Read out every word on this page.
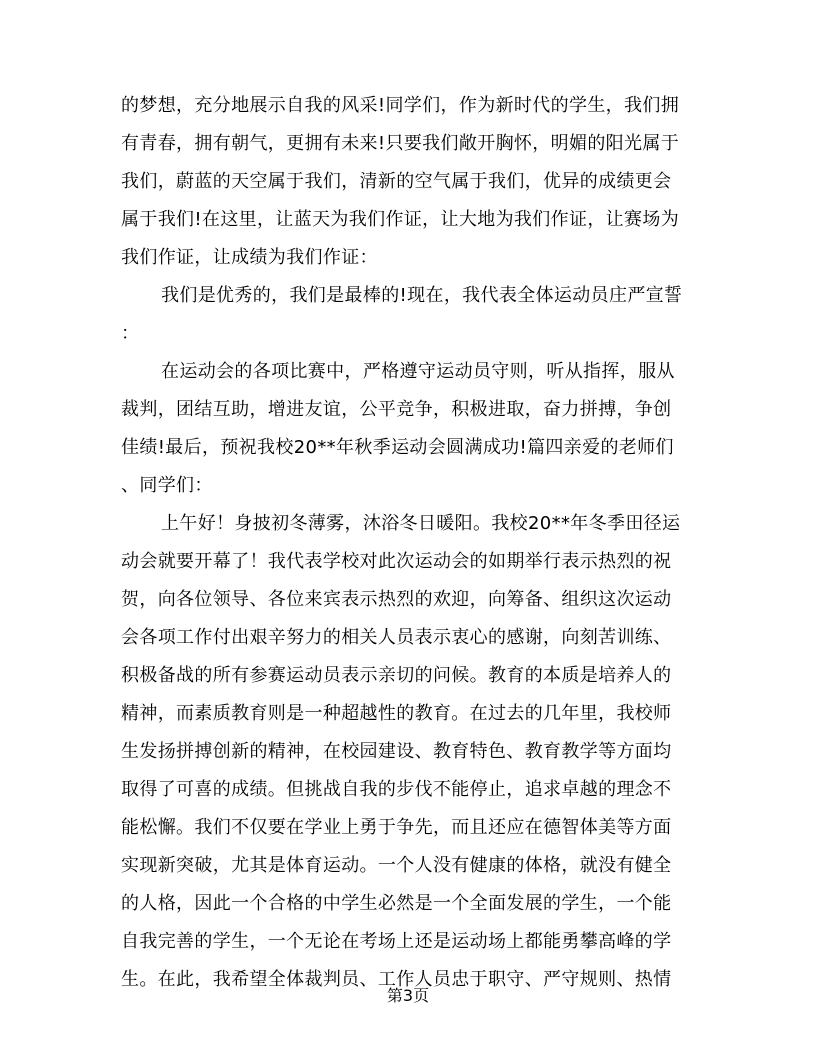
的梦想，充分地展示自我的风采!同学们，作为新时代的学生，我们拥
有青春，拥有朝气，更拥有未来!只要我们敞开胸怀，明媚的阳光属于
我们，蔚蓝的天空属于我们，清新的空气属于我们，优异的成绩更会
属于我们!在这里，让蓝天为我们作证，让大地为我们作证，让赛场为
我们作证，让成绩为我们作证：
我们是优秀的，我们是最棒的!现在，我代表全体运动员庄严宣誓
：
在运动会的各项比赛中，严格遵守运动员守则，听从指挥，服从
裁判，团结互助，增进友谊，公平竞争，积极进取，奋力拼搏，争创
佳绩!最后，预祝我校20**年秋季运动会圆满成功!篇四亲爱的老师们
、同学们：
上午好！身披初冬薄雾，沐浴冬日暖阳。我校20**年冬季田径运
动会就要开幕了！我代表学校对此次运动会的如期举行表示热烈的祝
贺，向各位领导、各位来宾表示热烈的欢迎，向筹备、组织这次运动
会各项工作付出艰辛努力的相关人员表示衷心的感谢，向刻苦训练、
积极备战的所有参赛运动员表示亲切的问候。教育的本质是培养人的
精神，而素质教育则是一种超越性的教育。在过去的几年里，我校师
生发扬拼搏创新的精神，在校园建设、教育特色、教育教学等方面均
取得了可喜的成绩。但挑战自我的步伐不能停止，追求卓越的理念不
能松懈。我们不仅要在学业上勇于争先，而且还应在德智体美等方面
实现新突破，尤其是体育运动。一个人没有健康的体格，就没有健全
的人格，因此一个合格的中学生必然是一个全面发展的学生，一个能
自我完善的学生，一个无论在考场上还是运动场上都能勇攀高峰的学
生。在此，我希望全体裁判员、工作人员忠于职守、严守规则、热情
第3页
